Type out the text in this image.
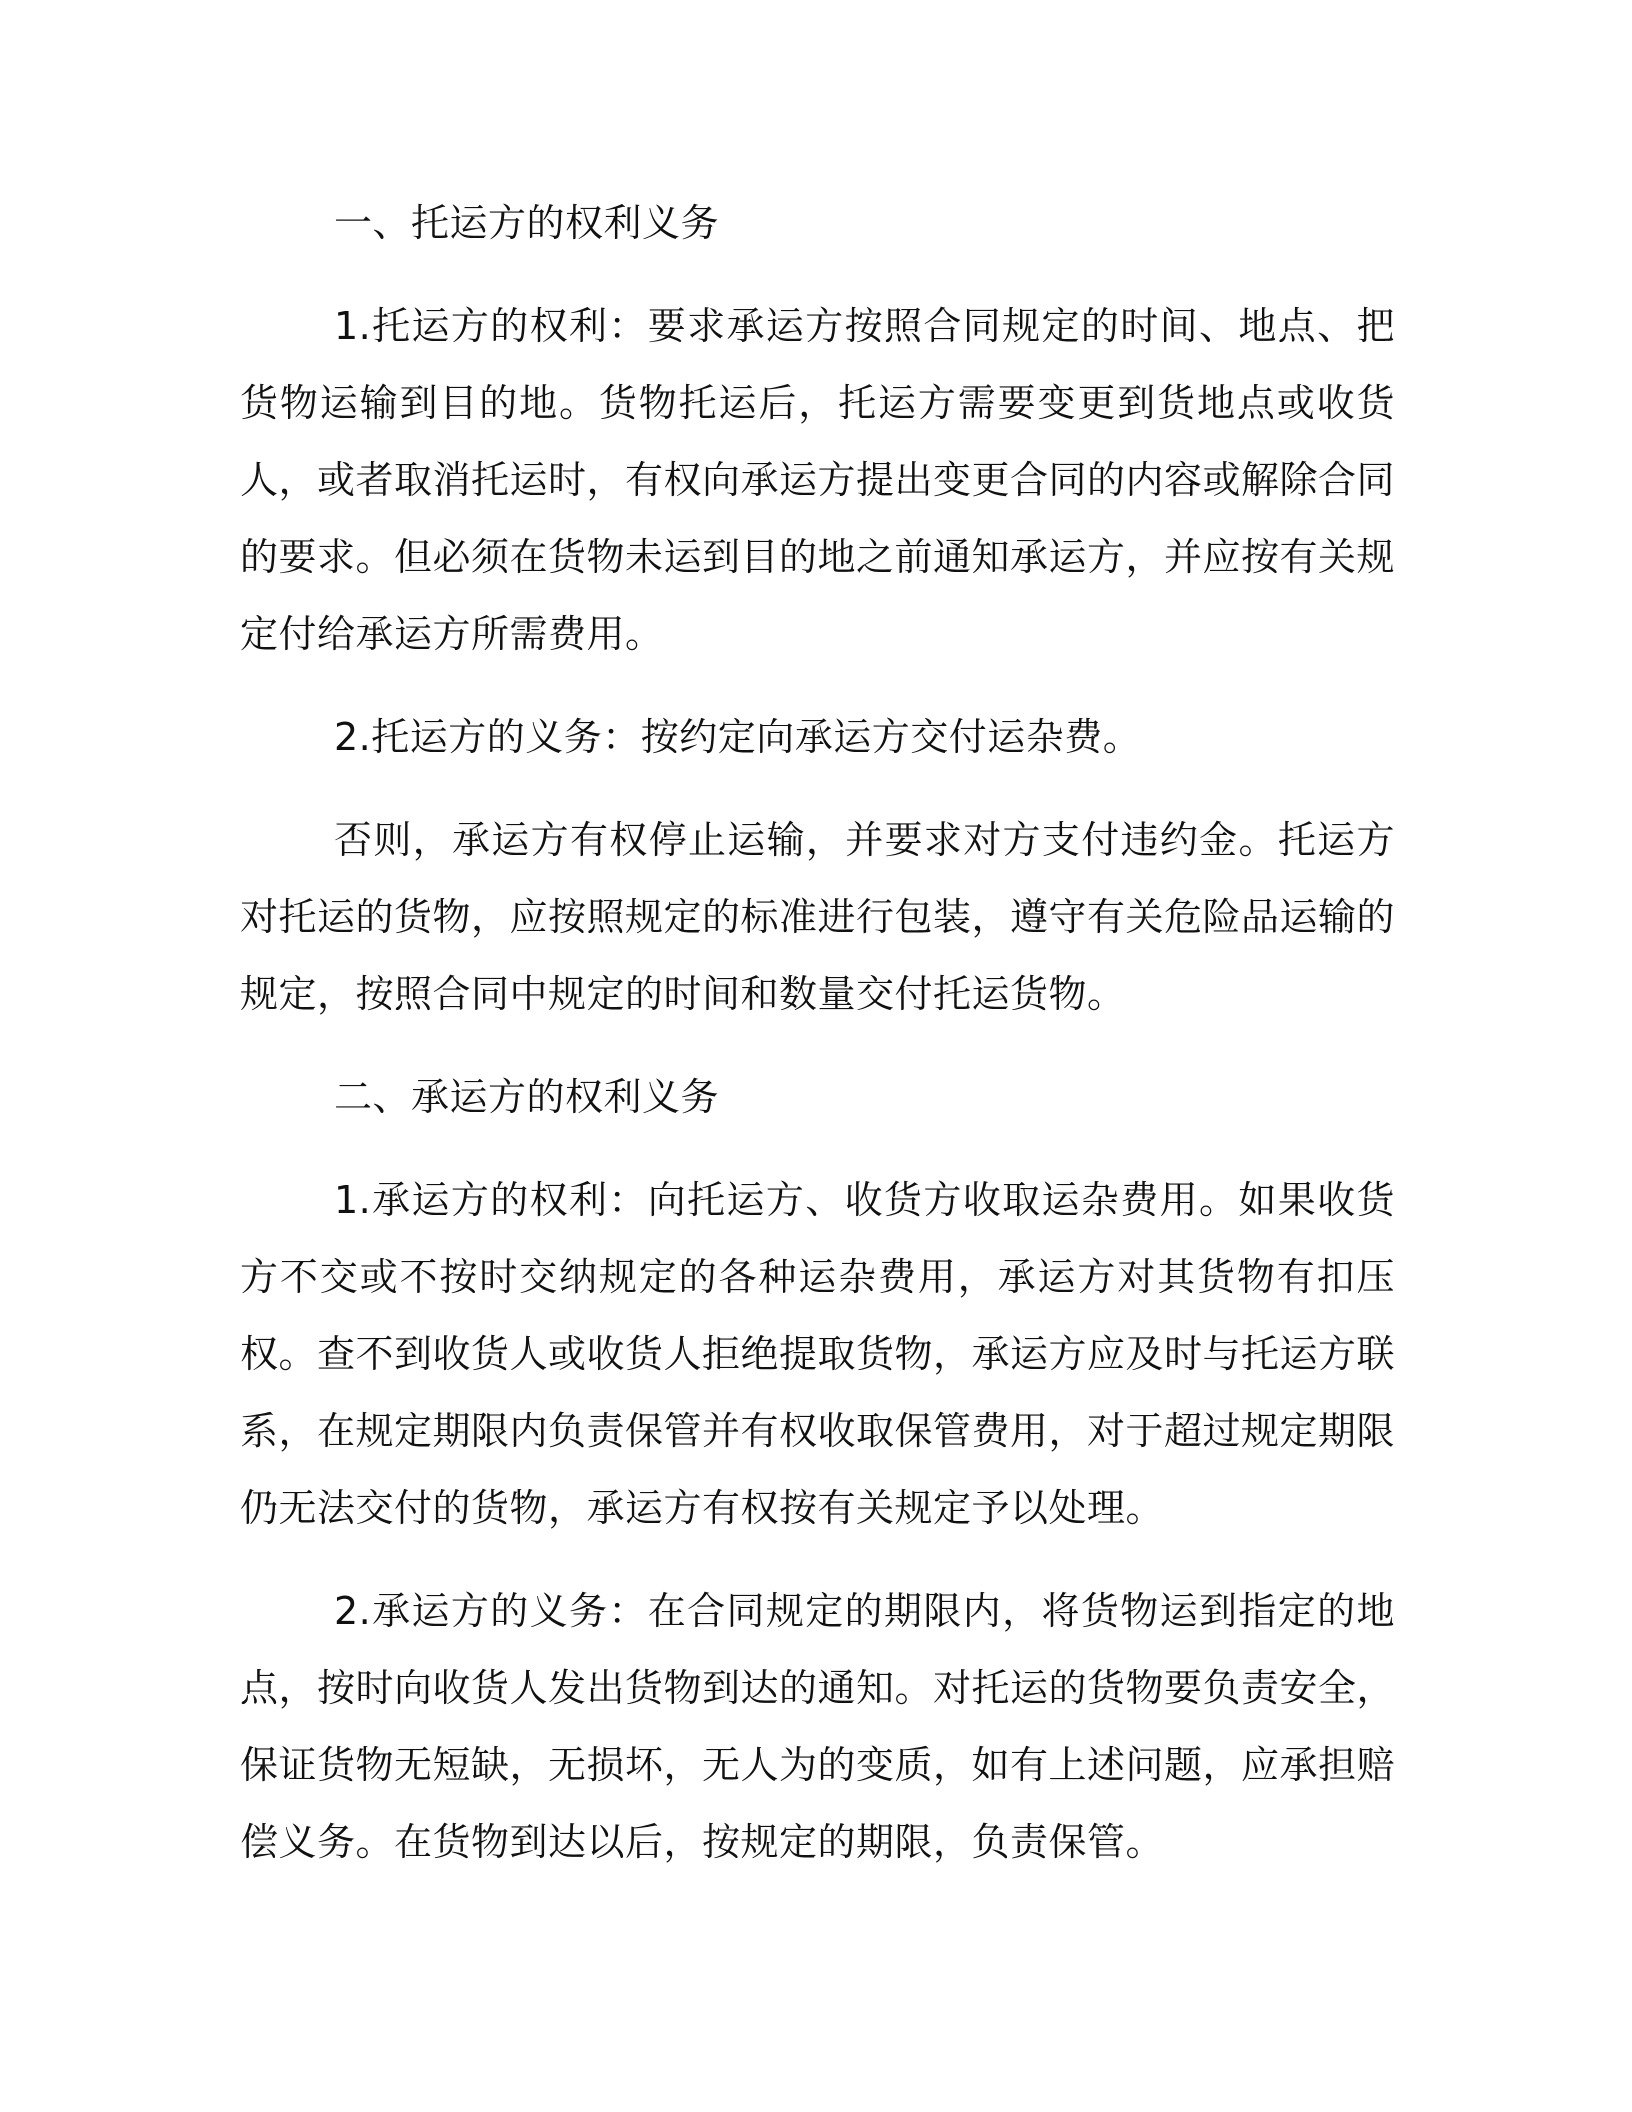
一、托运方的权利义务
1.托运方的权利：要求承运方按照合同规定的时间、地点、把货物运输到目的地。货物托运后，托运方需要变更到货地点或收货人，或者取消托运时，有权向承运方提出变更合同的内容或解除合同的要求。但必须在货物未运到目的地之前通知承运方，并应按有关规定付给承运方所需费用。
2.托运方的义务：按约定向承运方交付运杂费。
否则，承运方有权停止运输，并要求对方支付违约金。托运方对托运的货物，应按照规定的标准进行包装，遵守有关危险品运输的规定，按照合同中规定的时间和数量交付托运货物。
二、承运方的权利义务
1.承运方的权利：向托运方、收货方收取运杂费用。如果收货方不交或不按时交纳规定的各种运杂费用，承运方对其货物有扣压权。查不到收货人或收货人拒绝提取货物，承运方应及时与托运方联系，在规定期限内负责保管并有权收取保管费用，对于超过规定期限仍无法交付的货物，承运方有权按有关规定予以处理。
2.承运方的义务：在合同规定的期限内，将货物运到指定的地点，按时向收货人发出货物到达的通知。对托运的货物要负责安全，保证货物无短缺，无损坏，无人为的变质，如有上述问题，应承担赔偿义务。在货物到达以后，按规定的期限，负责保管。
